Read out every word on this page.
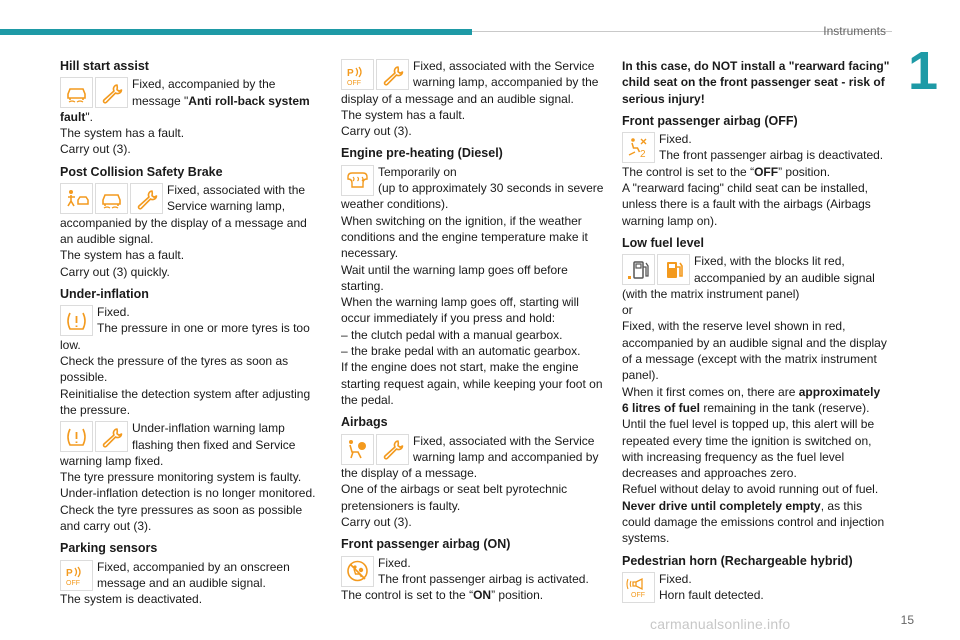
Instruments
1
Hill start assist

Fixed, accompanied by the message "Anti roll-back system fault".

The system has a fault.

Carry out (3).

Post Collision Safety Brake

Fixed, associated with the Service warning lamp, accompanied by the display of a message and an audible signal.

The system has a fault.

Carry out (3) quickly.

Under-inflation

Fixed.

The pressure in one or more tyres is too low.

Check the pressure of the tyres as soon as possible.

Reinitialise the detection system after adjusting the pressure.

Under-inflation warning lamp flashing then fixed and Service warning lamp fixed.

The tyre pressure monitoring system is faulty.

Under-inflation detection is no longer monitored.

Check the tyre pressures as soon as possible and carry out (3).

Parking sensors

Fixed, accompanied by an onscreen message and an audible signal.

The system is deactivated.

Fixed, associated with the Service warning lamp, accompanied by the display of a message and an audible signal.

The system has a fault.

Carry out (3).

Engine pre-heating (Diesel)

Temporarily on

(up to approximately 30 seconds in severe weather conditions).

When switching on the ignition, if the weather conditions and the engine temperature make it necessary.

Wait until the warning lamp goes off before starting.

When the warning lamp goes off, starting will occur immediately if you press and hold:

– the clutch pedal with a manual gearbox.

– the brake pedal with an automatic gearbox.

If the engine does not start, make the engine starting request again, while keeping your foot on the pedal.

Airbags

Fixed, associated with the Service warning lamp and accompanied by the display of a message.

One of the airbags or seat belt pyrotechnic pretensioners is faulty.

Carry out (3).

Front passenger airbag (ON)

Fixed.

The front passenger airbag is activated.

The control is set to the “ON” position.

In this case, do NOT install a "rearward facing" child seat on the front passenger seat - risk of serious injury!

Front passenger airbag (OFF)

Fixed.

The front passenger airbag is deactivated.

The control is set to the “OFF” position.

A "rearward facing" child seat can be installed, unless there is a fault with the airbags (Airbags warning lamp on).

Low fuel level

Fixed, with the blocks lit red, accompanied by an audible signal (with the matrix instrument panel)

or

Fixed, with the reserve level shown in red, accompanied by an audible signal and the display of a message (except with the matrix instrument panel).

When it first comes on, there are approximately 6 litres of fuel remaining in the tank (reserve).

Until the fuel level is topped up, this alert will be repeated every time the ignition is switched on, with increasing frequency as the fuel level decreases and approaches zero.

Refuel without delay to avoid running out of fuel.

Never drive until completely empty, as this could damage the emissions control and injection systems.

Pedestrian horn (Rechargeable hybrid)

Fixed.

Horn fault detected.

carmanualsonline.info	15
